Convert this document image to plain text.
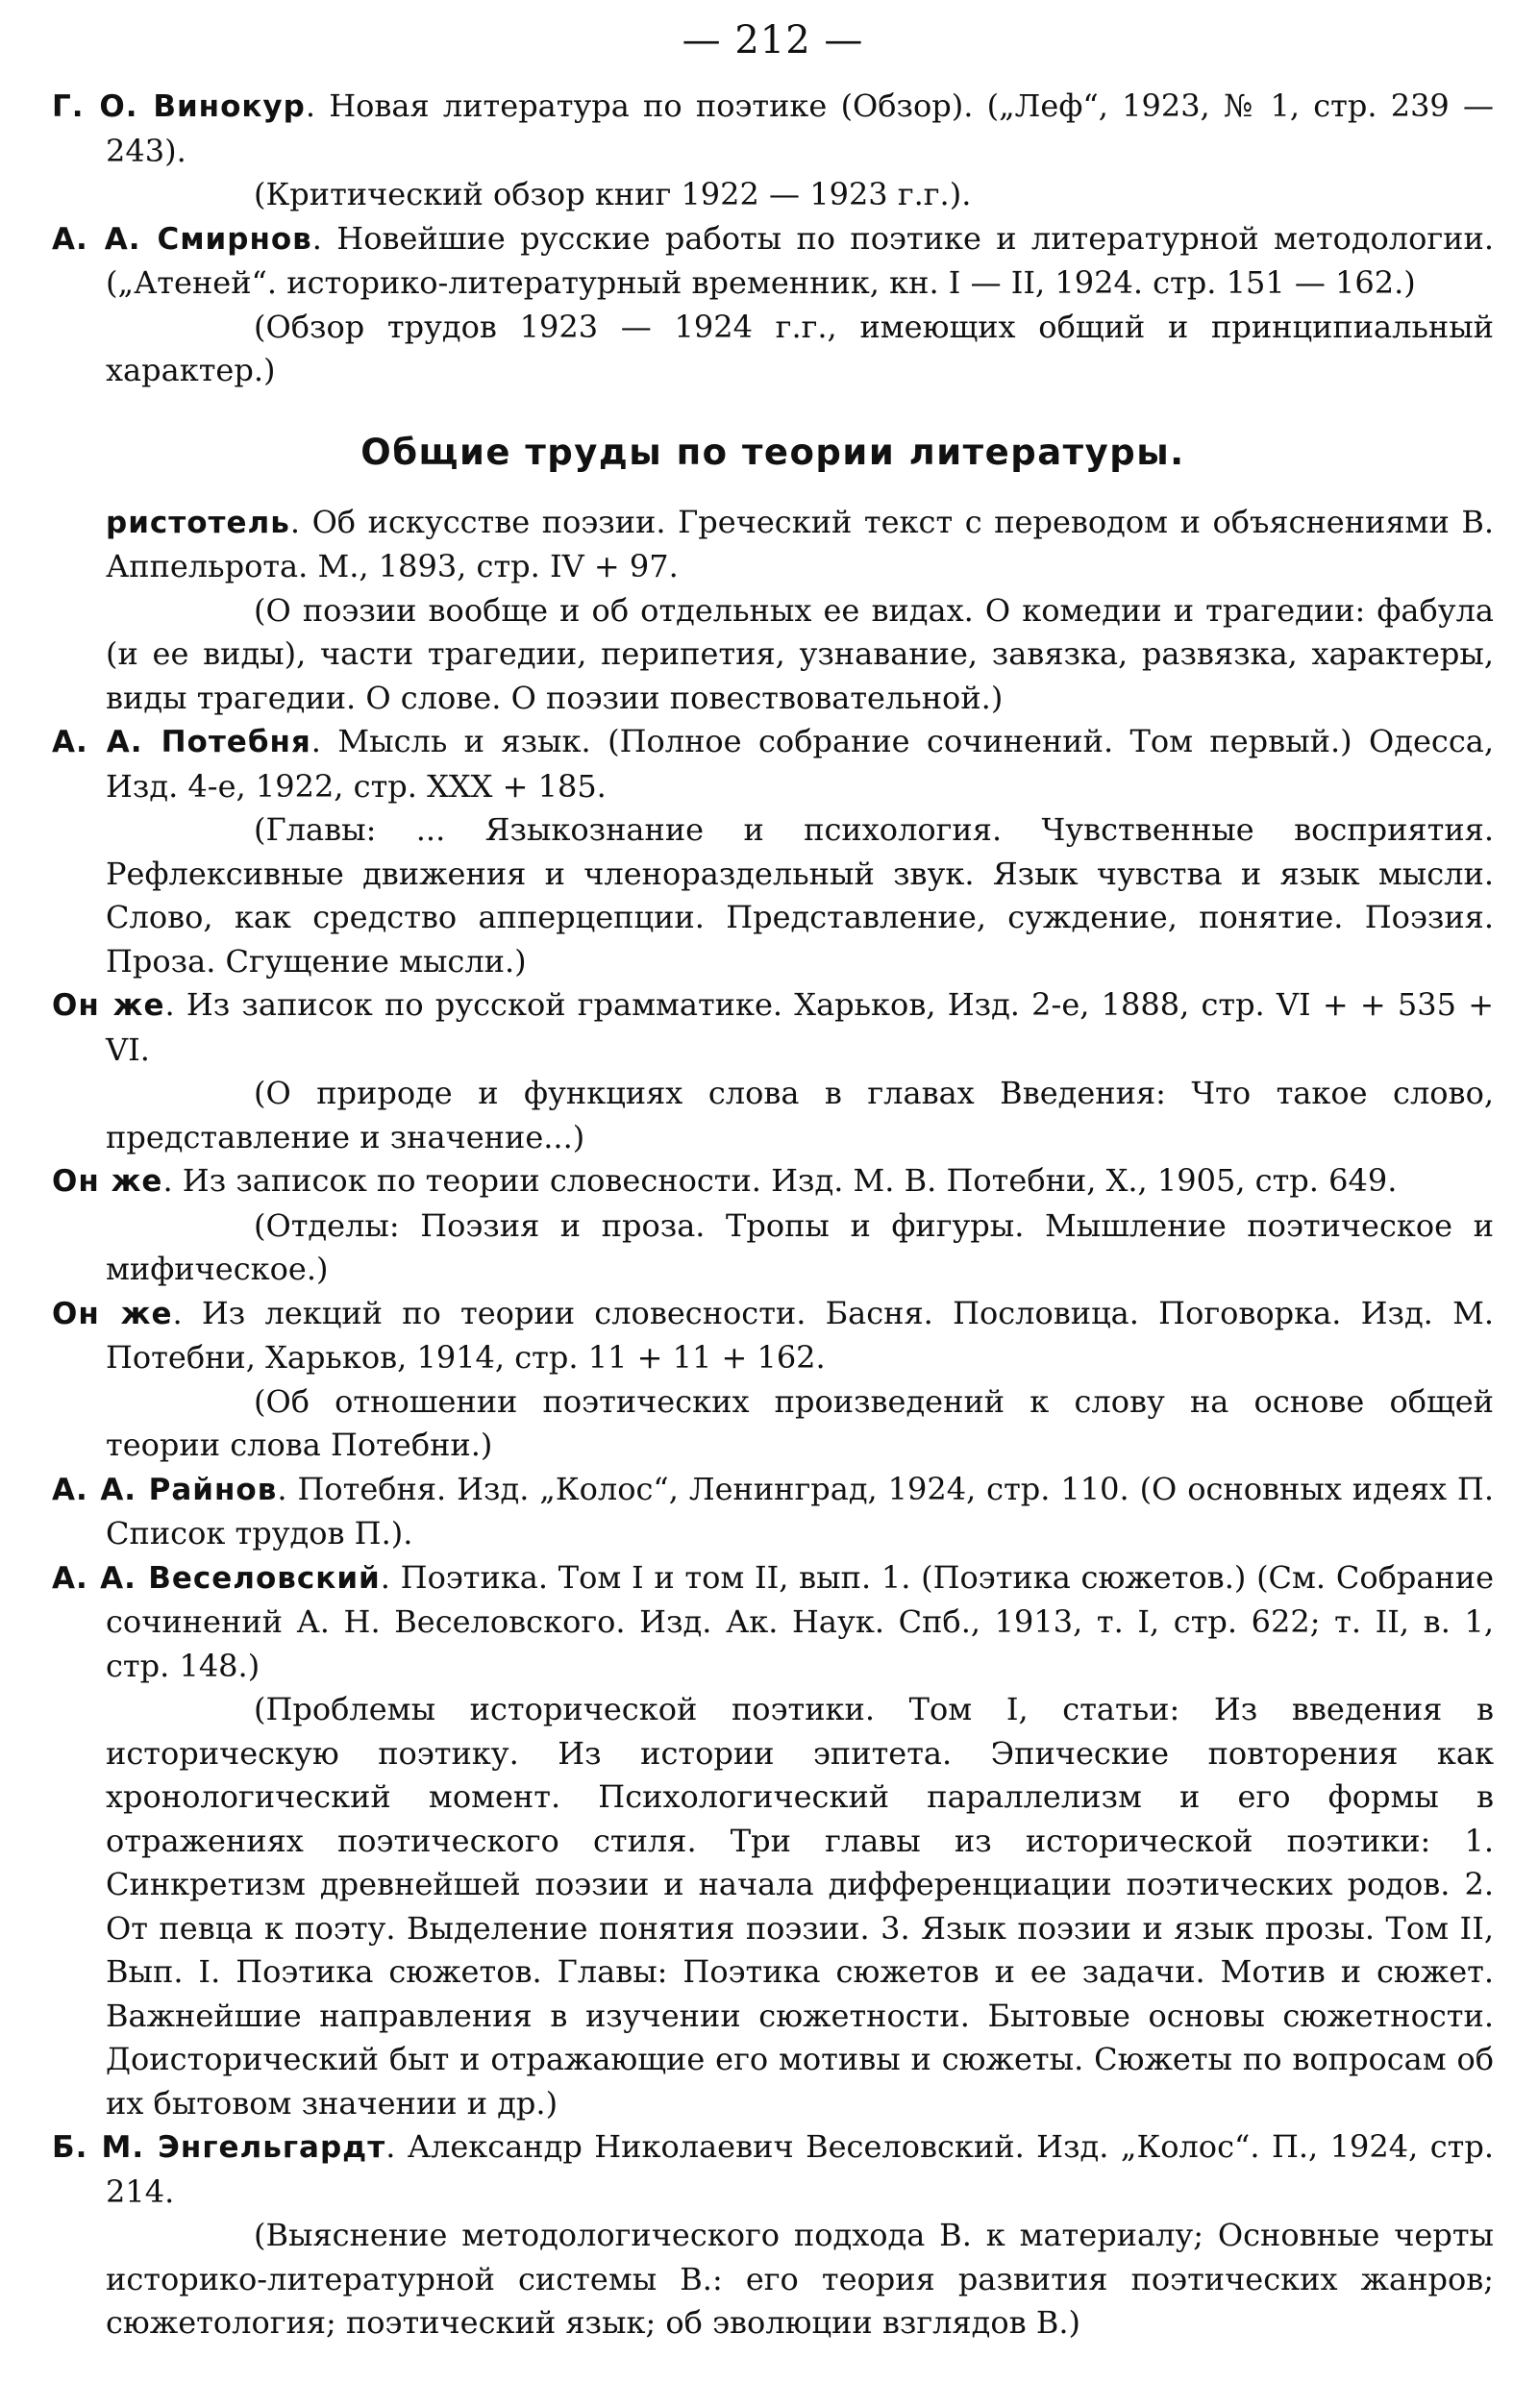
— 212 —

Г. О. Винокур. Новая литература по поэтике (Обзор). („Леф“, 1923, № 1, стр. 239 — 243).

(Критический обзор книг 1922 — 1923 г.г.).

А. А. Смирнов. Новейшие русские работы по поэтике и литературной методологии. („Атеней“. историко-литературный временник, кн. I — II, 1924. стр. 151 — 162.)

(Обзор трудов 1923 — 1924 г.г., имеющих общий и принципиальный характер.)

Общие труды по теории литературы.

ристотель. Об искусстве поэзии. Греческий текст с переводом и объяснениями В. Аппельрота. М., 1893, стр. IV + 97.

(О поэзии вообще и об отдельных ее видах. О комедии и трагедии: фабула (и ее виды), части трагедии, перипетия, узнавание, завязка, развязка, характеры, виды трагедии. О слове. О поэзии повествовательной.)

А. А. Потебня. Мысль и язык. (Полное собрание сочинений. Том первый.) Одесса, Изд. 4-е, 1922, стр. XXX + 185.

(Главы: ... Языкознание и психология. Чувственные восприятия. Рефлексивные движения и членораздельный звук. Язык чувства и язык мысли. Слово, как средство апперцепции. Представление, суждение, понятие. Поэзия. Проза. Сгущение мысли.)

Он же. Из записок по русской грамматике. Харьков, Изд. 2-е, 1888, стр. VI + + 535 + VI.

(О природе и функциях слова в главах Введения: Что такое слово, представление и значение...)

Он же. Из записок по теории словесности. Изд. М. В. Потебни, Х., 1905, стр. 649.

(Отделы: Поэзия и проза. Тропы и фигуры. Мышление поэтическое и мифическое.)

Он же. Из лекций по теории словесности. Басня. Пословица. Поговорка. Изд. М. Потебни, Харьков, 1914, стр. 11 + 11 + 162.

(Об отношении поэтических произведений к слову на основе общей теории слова Потебни.)

А. А. Райнов. Потебня. Изд. „Колос“, Ленинград, 1924, стр. 110. (О основных идеях П. Список трудов П.).

А. А. Веселовский. Поэтика. Том I и том II, вып. 1. (Поэтика сюжетов.) (См. Собрание сочинений А. Н. Веселовского. Изд. Ак. Наук. Спб., 1913, т. I, стр. 622; т. II, в. 1, стр. 148.)

(Проблемы исторической поэтики. Том I, статьи: Из введения в историческую поэтику. Из истории эпитета. Эпические повторения как хронологический момент. Психологический параллелизм и его формы в отражениях поэтического стиля. Три главы из исторической поэтики: 1. Синкретизм древнейшей поэзии и начала дифференциации поэтических родов. 2. От певца к поэту. Выделение понятия поэзии. 3. Язык поэзии и язык прозы. Том II, Вып. I. Поэтика сюжетов. Главы: Поэтика сюжетов и ее задачи. Мотив и сюжет. Важнейшие направления в изучении сюжетности. Бытовые основы сюжетности. Доисторический быт и отражающие его мотивы и сюжеты. Сюжеты по вопросам об их бытовом значении и др.)

Б. М. Энгельгардт. Александр Николаевич Веселовский. Изд. „Колос“. П., 1924, стр. 214.

(Выяснение методологического подхода В. к материалу; Основные черты историко-литературной системы В.: его теория развития поэтических жанров; сюжетология; поэтический язык; об эволюции взглядов В.)
